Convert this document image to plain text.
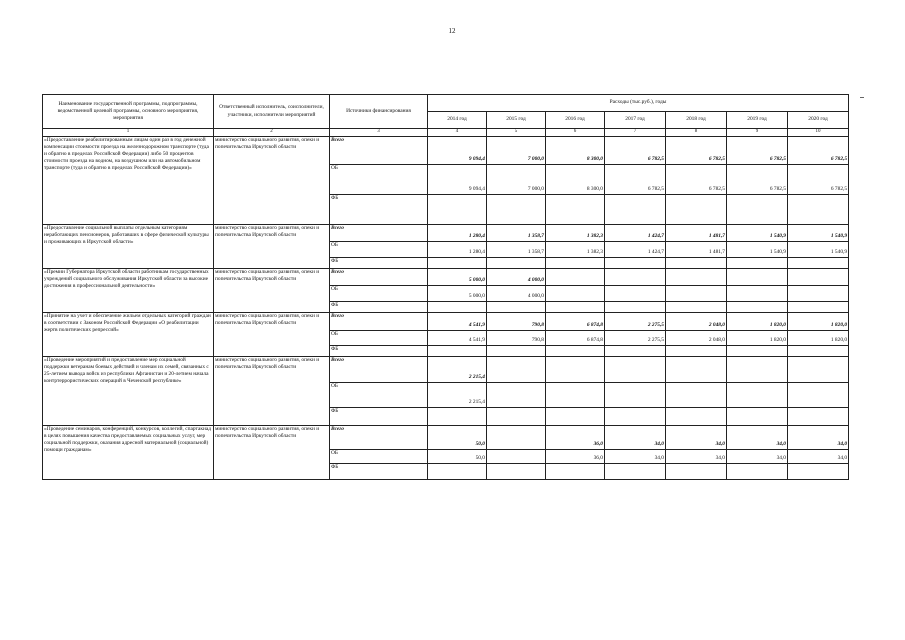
12
Наименование государственной программы, подпрограммы, ведомственной целевой программы, основного мероприятия, мероприятия	Ответственный исполнитель, соисполнители, участники, исполнители мероприятий	Источники финансирования	Расходы (тыс.руб.), годы						
			2014 год	2015 год	2016 год	2017 год	2018 год	2019 год	2020 год
1	2	3	4	5	6	7	8	9	10
«Предоставление реабилитированным лицам один раз в год денежной компенсации стоимости проезда на железнодорожном транспорте (туда и обратно в пределах Российской Федерации) либо 50 процентов стоимости проезда на водном, на воздушном или на автомобильном транспорте (туда и обратно в пределах Российской Федерации)»	министерство социального развития, опеки и попечительства Иркутской области	Всего	9 094,4	7 000,0	8 300,0	6 782,5	6 782,5	6 782,5	6 782,5
		ОБ	9 094,4	7 000,0	8 300,0	6 782,5	6 782,5	6 782,5	6 782,5
		ФБ							
«Предоставление социальной выплаты отдельным категориям неработающих пенсионеров, работавших в сфере физической культуры и проживающих в Иркутской области»	министерство социального развития, опеки и попечительства Иркутской области	Всего	1 280,4	1 358,7	1 382,3	1 424,7	1 481,7	1 540,9	1 540,9
		ОБ	1 280,4	1 358,7	1 382,3	1 424,7	1 481,7	1 540,9	1 540,9
		ФБ							
«Премии Губернатора Иркутской области работникам государственных учреждений социального обслуживания Иркутской области за высокие достижения в профессиональной деятельности»	министерство социального развития, опеки и попечительства Иркутской области	Всего	5 000,0	4 000,0					
		ОБ	5 000,0	4 000,0					
		ФБ							
«Принятие на учет и обеспечение жильем отдельных категорий граждан в соответствии с Законом Российской Федерации «О реабилитации жертв политических репрессий»	министерство социального развития, опеки и попечительства Иркутской области	Всего	4 541,9	790,8	6 874,8	2 275,5	2 048,0	1 820,0	1 820,0
		ОБ	4 541,9	790,8	6 874,8	2 275,5	2 048,0	1 820,0	1 820,0
		ФБ							
«Проведение мероприятий и предоставление мер социальной поддержки ветеранам боевых действий и членам их семей, связанных с 25-летием вывода войск из республики Афганистан и 20-летием начала контртеррористических операций в Чеченской республике»	министерство социального развития, опеки и попечительства Иркутской области	Всего	2 215,4						
		ОБ	2 215,4						
		ФБ							
«Проведение семинаров, конференций, конкурсов, коллегий, спартакиад в целях повышения качества предоставляемых социальных услуг, мер социальной поддержки, оказания адресной материальной (социальной) помощи гражданам»	министерство социального развития, опеки и попечительства Иркутской области	Всего	50,0		36,0	34,0	34,0	34,0	34,0
		ОБ	50,0		36,0	34,0	34,0	34,0	34,0
		ФБ							
